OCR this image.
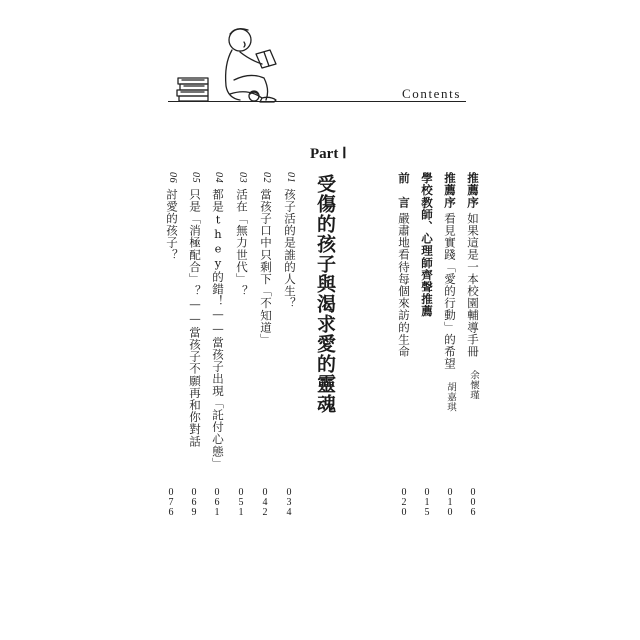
Contents
Part Ⅰ
受傷的孩子與渴求愛的靈魂	推薦序如果這是一本校園輔導手冊余懷瑾
推薦序看見實踐「愛的行動」的希望胡嘉琪
學校教師、心理師齊聲推薦
前　言嚴肅地看待每個來訪的生命
01孩子活的是誰的人生？
02當孩子口中只剩下「不知道」
03活在「無力世代」？
04都是they的錯！——當孩子出現「託付心態」
05只是「消極配合」？——當孩子不願再和你對話
06討愛的孩子？
0
0
6
0
1
0
0
1
5
0
2
0
0
3
4
0
4
2
0
5
1
0
6
1
0
6
9
0
7
6
